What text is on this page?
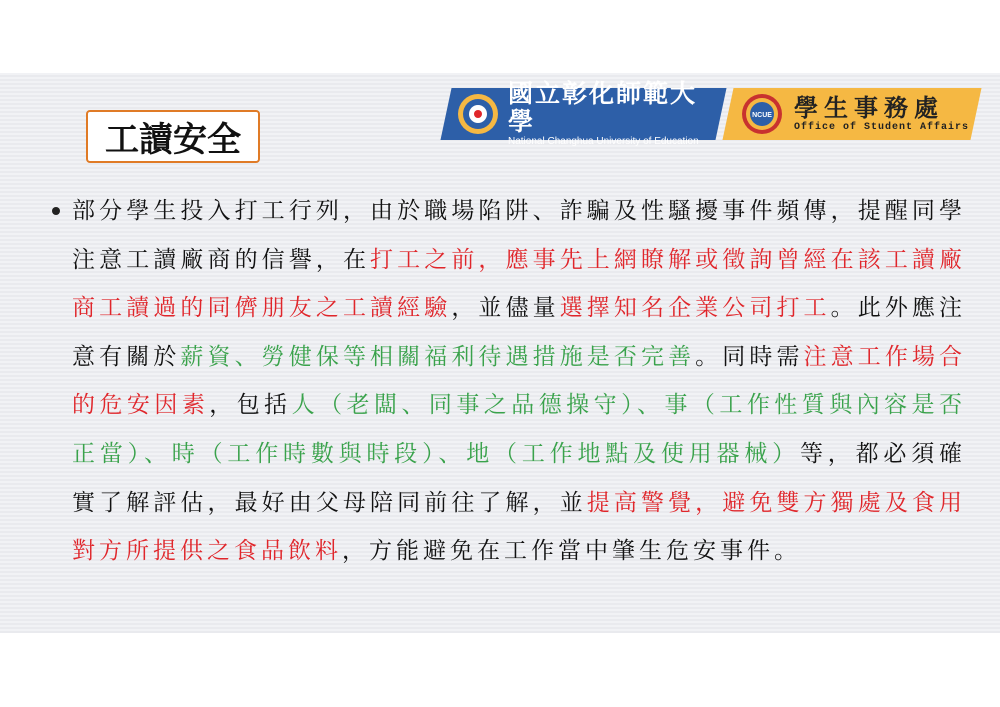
工讀安全
國立彰化師範大學
National Changhua University of Education
NCUE 學生事務處
Office of Student Affairs
部分學生投入打工行列，由於職場陷阱、詐騙及性騷擾事件頻傳，提醒同學注意工讀廠商的信譽，在打工之前，應事先上網瞭解或徵詢曾經在該工讀廠商工讀過的同儕朋友之工讀經驗，並儘量選擇知名企業公司打工。此外應注意有關於薪資、勞健保等相關福利待遇措施是否完善。同時需注意工作場合的危安因素，包括人（老闆、同事之品德操守）、事（工作性質與內容是否正當）、時（工作時數與時段）、地（工作地點及使用器械）等，都必須確實了解評估，最好由父母陪同前往了解，並提高警覺，避免雙方獨處及食用對方所提供之食品飲料，方能避免在工作當中肇生危安事件。
